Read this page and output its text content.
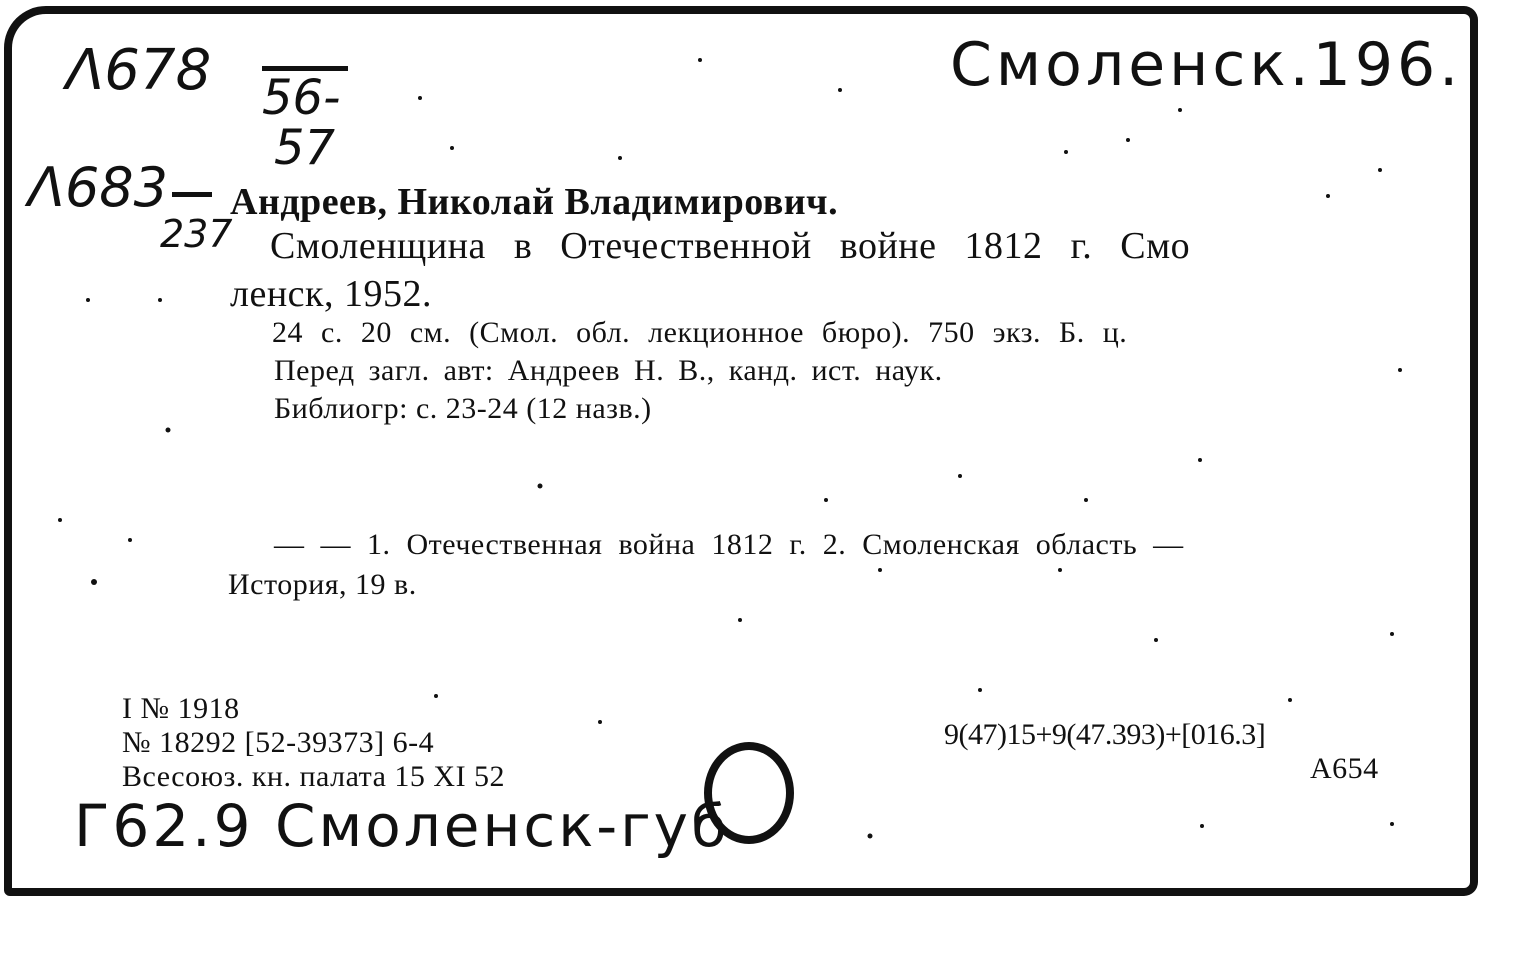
Λ678 56-
57
Λ683
237
Смоленск.196.
Г62.9 Смоленск-губ
Андреев, Николай Владимирович.
Смоленщина в Отечественной войне 1812 г. Смо
ленск, 1952.
24 с. 20 см. (Смол. обл. лекционное бюро). 750 экз. Б. ц.
Перед загл. авт: Андреев Н. В., канд. ист. наук.
Библиогр: с. 23-24 (12 назв.)
— — 1. Отечественная война 1812 г. 2. Смоленская область —
История, 19 в.
I № 1918
№ 18292 [52-39373] 6-4
Всесоюз. кн. палата 15 XI 52
9(47)15+9(47.393)+[016.3]
А654
